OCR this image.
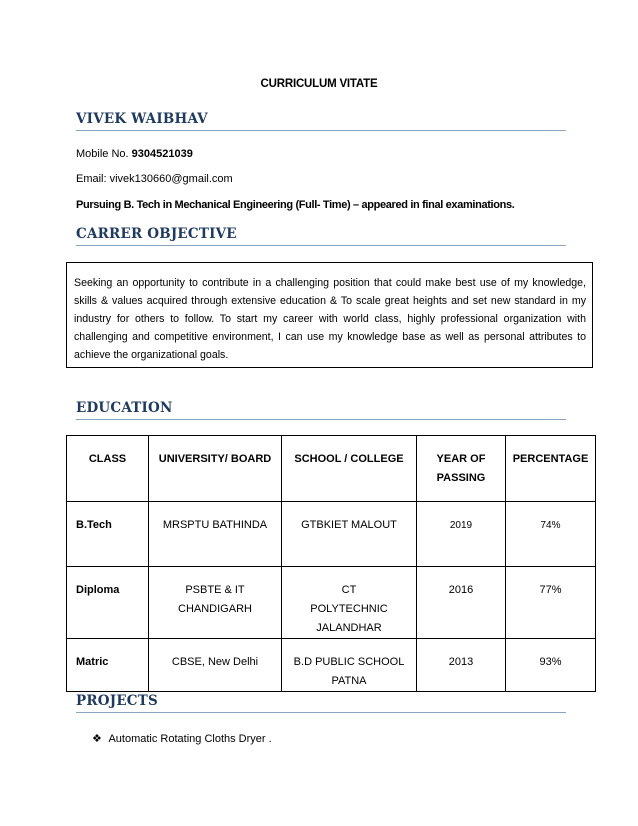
CURRICULUM VITATE
VIVEK WAIBHAV
Mobile No. 9304521039
Email: vivek130660@gmail.com
Pursuing B. Tech in Mechanical Engineering (Full- Time) – appeared in final examinations.
CARRER OBJECTIVE
Seeking an opportunity to contribute in a challenging position that could make best use of my knowledge, skills & values acquired through extensive education & To scale great heights and set new standard in my industry for others to follow. To start my career with world class, highly professional organization with challenging and competitive environment, I can use my knowledge base as well as personal attributes to achieve the organizational goals.
EDUCATION
CLASS	UNIVERSITY/ BOARD	SCHOOL / COLLEGE	YEAR OF PASSING	PERCENTAGE

B.Tech	MRSPTU BATHINDA	GTBKIET MALOUT	2019	74%

Diploma	PSBTE & IT CHANDIGARH	CT POLYTECHNIC JALANDHAR	2016	77%

Matric	CBSE, New Delhi	B.D PUBLIC SCHOOL PATNA	2013	93%
PROJECTS
❖ Automatic Rotating Cloths Dryer .
